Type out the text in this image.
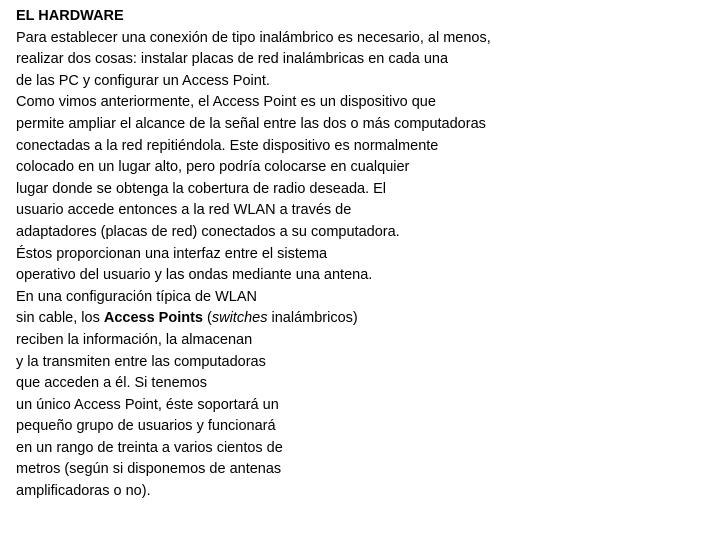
EL HARDWARE
Para establecer una conexión de tipo inalámbrico es necesario, al menos,
realizar dos cosas: instalar placas de red inalámbricas en cada una
de las PC y configurar un Access Point.
Como vimos anteriormente, el Access Point es un dispositivo que
permite ampliar el alcance de la señal entre las dos o más computadoras
conectadas a la red repitiéndola. Este dispositivo es normalmente
colocado en un lugar alto, pero podría colocarse en cualquier
lugar donde se obtenga la cobertura de radio deseada. El
usuario accede entonces a la red WLAN a través de
adaptadores (placas de red) conectados a su computadora.
Éstos proporcionan una interfaz entre el sistema
operativo del usuario y las ondas mediante una antena.
En una configuración típica de WLAN
sin cable, los Access Points (switches inalámbricos)
reciben la información, la almacenan
y la transmiten entre las computadoras
que acceden a él. Si tenemos
un único Access Point, éste soportará un
pequeño grupo de usuarios y funcionará
en un rango de treinta a varios cientos de
metros (según si disponemos de antenas
amplificadoras o no).
